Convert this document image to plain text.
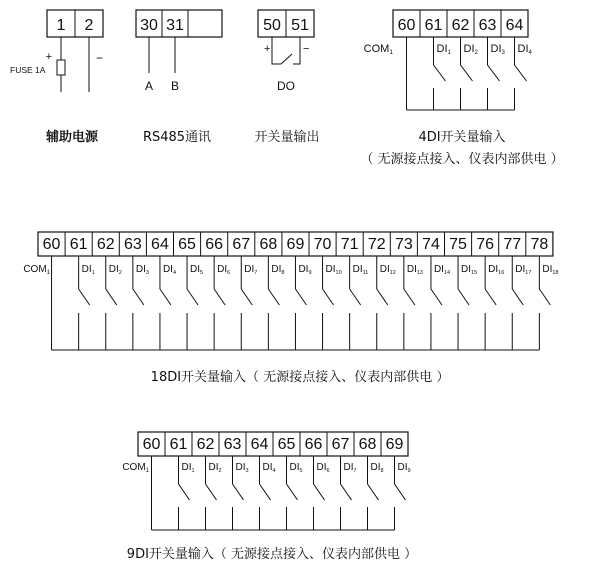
1 2
+	−
FUSE 1A
辅助电源
30 31
A B
RS485通讯
50 51
+	−
DO
开关量输出
60 61 62 63 64
COM1	DI1 DI2 DI3 DI4
4DI开关量输入
（ 无源接点接入、仪表内部供电 ）
60 61 62 63 64 65 66 67 68 69 70 71 72 73 74 75 76 77 78
$COM_1$	$DI_1$ $DI_2$ $DI_3$ $DI_4$ $DI_5$ $DI_6$ $DI_7$ $DI_8$ $DI_9$ $DI_{10}$ $DI_{11}$ $DI_{12}$ $DI_{13}$ $DI_{14}$ $DI_{15}$ $DI_{16}$ $DI_{17}$ $DI_{18}$
18DI开关量输入（ 无源接点接入、仪表内部供电 ）
60 61 62 63 64 65 66 67 68 69
$COM_1$	$DI_1$ $DI_2$ $DI_3$ $DI_4$ $DI_5$ $DI_6$ $DI_7$ $DI_8$ $DI_9$
9DI开关量输入（ 无源接点接入、仪表内部供电 ）
